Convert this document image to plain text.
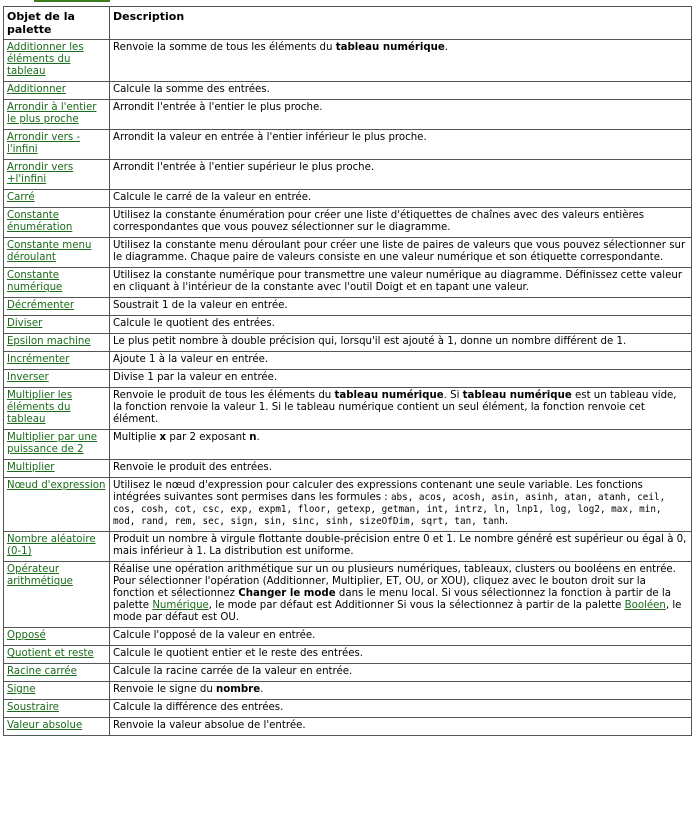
Objet de la palette	Description
Additionner les éléments du tableau	Renvoie la somme de tous les éléments du tableau numérique.
Additionner	Calcule la somme des entrées.
Arrondir à l'entier le plus proche	Arrondit l'entrée à l'entier le plus proche.
Arrondir vers -l'infini	Arrondit la valeur en entrée à l'entier inférieur le plus proche.
Arrondir vers +l'infini	Arrondit l'entrée à l'entier supérieur le plus proche.
Carré	Calcule le carré de la valeur en entrée.
Constante énumération	Utilisez la constante énumération pour créer une liste d'étiquettes de chaînes avec des valeurs entières correspondantes que vous pouvez sélectionner sur le diagramme.
Constante menu déroulant	Utilisez la constante menu déroulant pour créer une liste de paires de valeurs que vous pouvez sélectionner sur le diagramme. Chaque paire de valeurs consiste en une valeur numérique et son étiquette correspondante.
Constante numérique	Utilisez la constante numérique pour transmettre une valeur numérique au diagramme. Définissez cette valeur en cliquant à l'intérieur de la constante avec l'outil Doigt et en tapant une valeur.
Décrémenter	Soustrait 1 de la valeur en entrée.
Diviser	Calcule le quotient des entrées.
Epsilon machine	Le plus petit nombre à double précision qui, lorsqu'il est ajouté à 1, donne un nombre différent de 1.
Incrémenter	Ajoute 1 à la valeur en entrée.
Inverser	Divise 1 par la valeur en entrée.
Multiplier les éléments du tableau	Renvoie le produit de tous les éléments du tableau numérique. Si tableau numérique est un tableau vide, la fonction renvoie la valeur 1. Si le tableau numérique contient un seul élément, la fonction renvoie cet élément.
Multiplier par une puissance de 2	Multiplie x par 2 exposant n.
Multiplier	Renvoie le produit des entrées.
Nœud d'expression	Utilisez le nœud d'expression pour calculer des expressions contenant une seule variable. Les fonctions intégrées suivantes sont permises dans les formules : abs, acos, acosh, asin, asinh, atan, atanh, ceil, cos, cosh, cot, csc, exp, expm1, floor, getexp, getman, int, intrz, ln, lnp1, log, log2, max, min, mod, rand, rem, sec, sign, sin, sinc, sinh, sizeOfDim, sqrt, tan, tanh.
Nombre aléatoire (0-1)	Produit un nombre à virgule flottante double-précision entre 0 et 1. Le nombre généré est supérieur ou égal à 0, mais inférieur à 1. La distribution est uniforme.
Opérateur arithmétique	Réalise une opération arithmétique sur un ou plusieurs numériques, tableaux, clusters ou booléens en entrée. Pour sélectionner l'opération (Additionner, Multiplier, ET, OU, or XOU), cliquez avec le bouton droit sur la fonction et sélectionnez Changer le mode dans le menu local. Si vous sélectionnez la fonction à partir de la palette Numérique, le mode par défaut est Additionner Si vous la sélectionnez à partir de la palette Booléen, le mode par défaut est OU.
Opposé	Calcule l'opposé de la valeur en entrée.
Quotient et reste	Calcule le quotient entier et le reste des entrées.
Racine carrée	Calcule la racine carrée de la valeur en entrée.
Signe	Renvoie le signe du nombre.
Soustraire	Calcule la différence des entrées.
Valeur absolue	Renvoie la valeur absolue de l'entrée.
